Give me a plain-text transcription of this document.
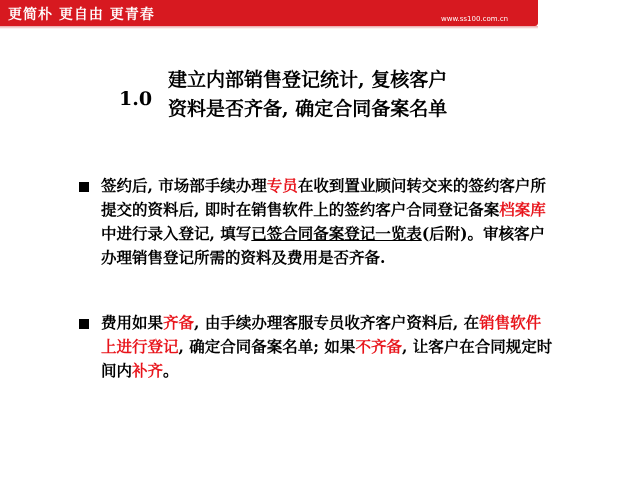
更简朴 更自由 更青春	www.ss100.com.cn
1.0
建立内部销售登记统计, 复核客户
资料是否齐备, 确定合同备案名单
签约后, 市场部手续办理专员在收到置业顾问转交来的签约客户所提交的资料后, 即时在销售软件上的签约客户合同登记备案档案库中进行录入登记, 填写已签合同备案登记一览表(后附)。审核客户办理销售登记所需的资料及费用是否齐备.
费用如果齐备, 由手续办理客服专员收齐客户资料后, 在销售软件上进行登记, 确定合同备案名单; 如果不齐备, 让客户在合同规定时间内补齐。
